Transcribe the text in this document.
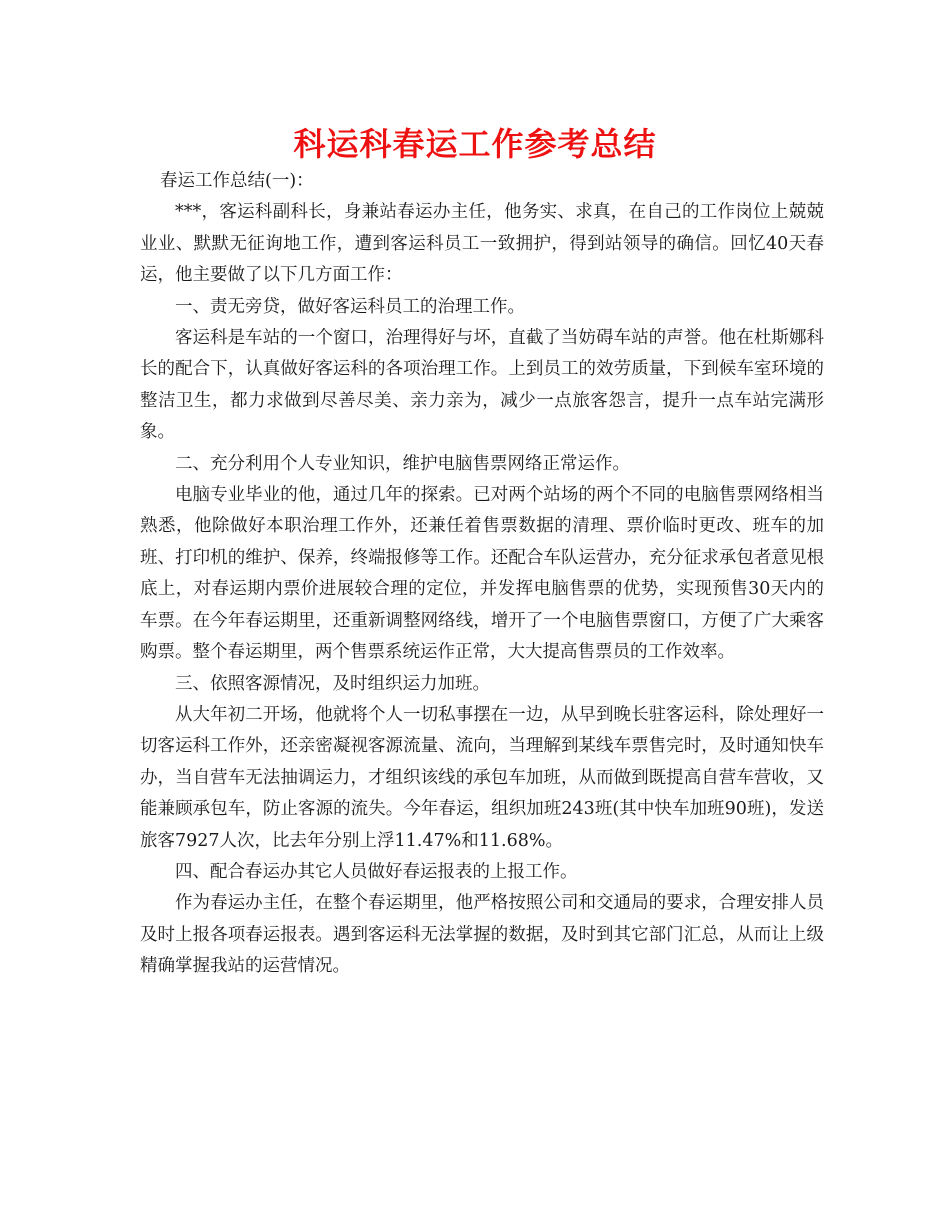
科运科春运工作参考总结

春运工作总结(一)：

***，客运科副科长，身兼站春运办主任，他务实、求真，在自己的工作岗位上兢兢业业、默默无征询地工作，遭到客运科员工一致拥护，得到站领导的确信。回忆40天春运，他主要做了以下几方面工作：

一、责无旁贷，做好客运科员工的治理工作。

客运科是车站的一个窗口，治理得好与坏，直截了当妨碍车站的声誉。他在杜斯娜科长的配合下，认真做好客运科的各项治理工作。上到员工的效劳质量，下到候车室环境的整洁卫生，都力求做到尽善尽美、亲力亲为，减少一点旅客怨言，提升一点车站完满形象。

二、充分利用个人专业知识，维护电脑售票网络正常运作。

电脑专业毕业的他，通过几年的探索。已对两个站场的两个不同的电脑售票网络相当熟悉，他除做好本职治理工作外，还兼任着售票数据的清理、票价临时更改、班车的加班、打印机的维护、保养，终端报修等工作。还配合车队运营办，充分征求承包者意见根底上，对春运期内票价进展较合理的定位，并发挥电脑售票的优势，实现预售30天内的车票。在今年春运期里，还重新调整网络线，增开了一个电脑售票窗口，方便了广大乘客购票。整个春运期里，两个售票系统运作正常，大大提高售票员的工作效率。

三、依照客源情况，及时组织运力加班。

从大年初二开场，他就将个人一切私事摆在一边，从早到晚长驻客运科，除处理好一切客运科工作外，还亲密凝视客源流量、流向，当理解到某线车票售完时，及时通知快车办，当自营车无法抽调运力，才组织该线的承包车加班，从而做到既提高自营车营收，又能兼顾承包车，防止客源的流失。今年春运，组织加班243班(其中快车加班90班)，发送旅客7927人次，比去年分别上浮11.47%和11.68%。

四、配合春运办其它人员做好春运报表的上报工作。

作为春运办主任，在整个春运期里，他严格按照公司和交通局的要求，合理安排人员及时上报各项春运报表。遇到客运科无法掌握的数据，及时到其它部门汇总，从而让上级精确掌握我站的运营情况。
